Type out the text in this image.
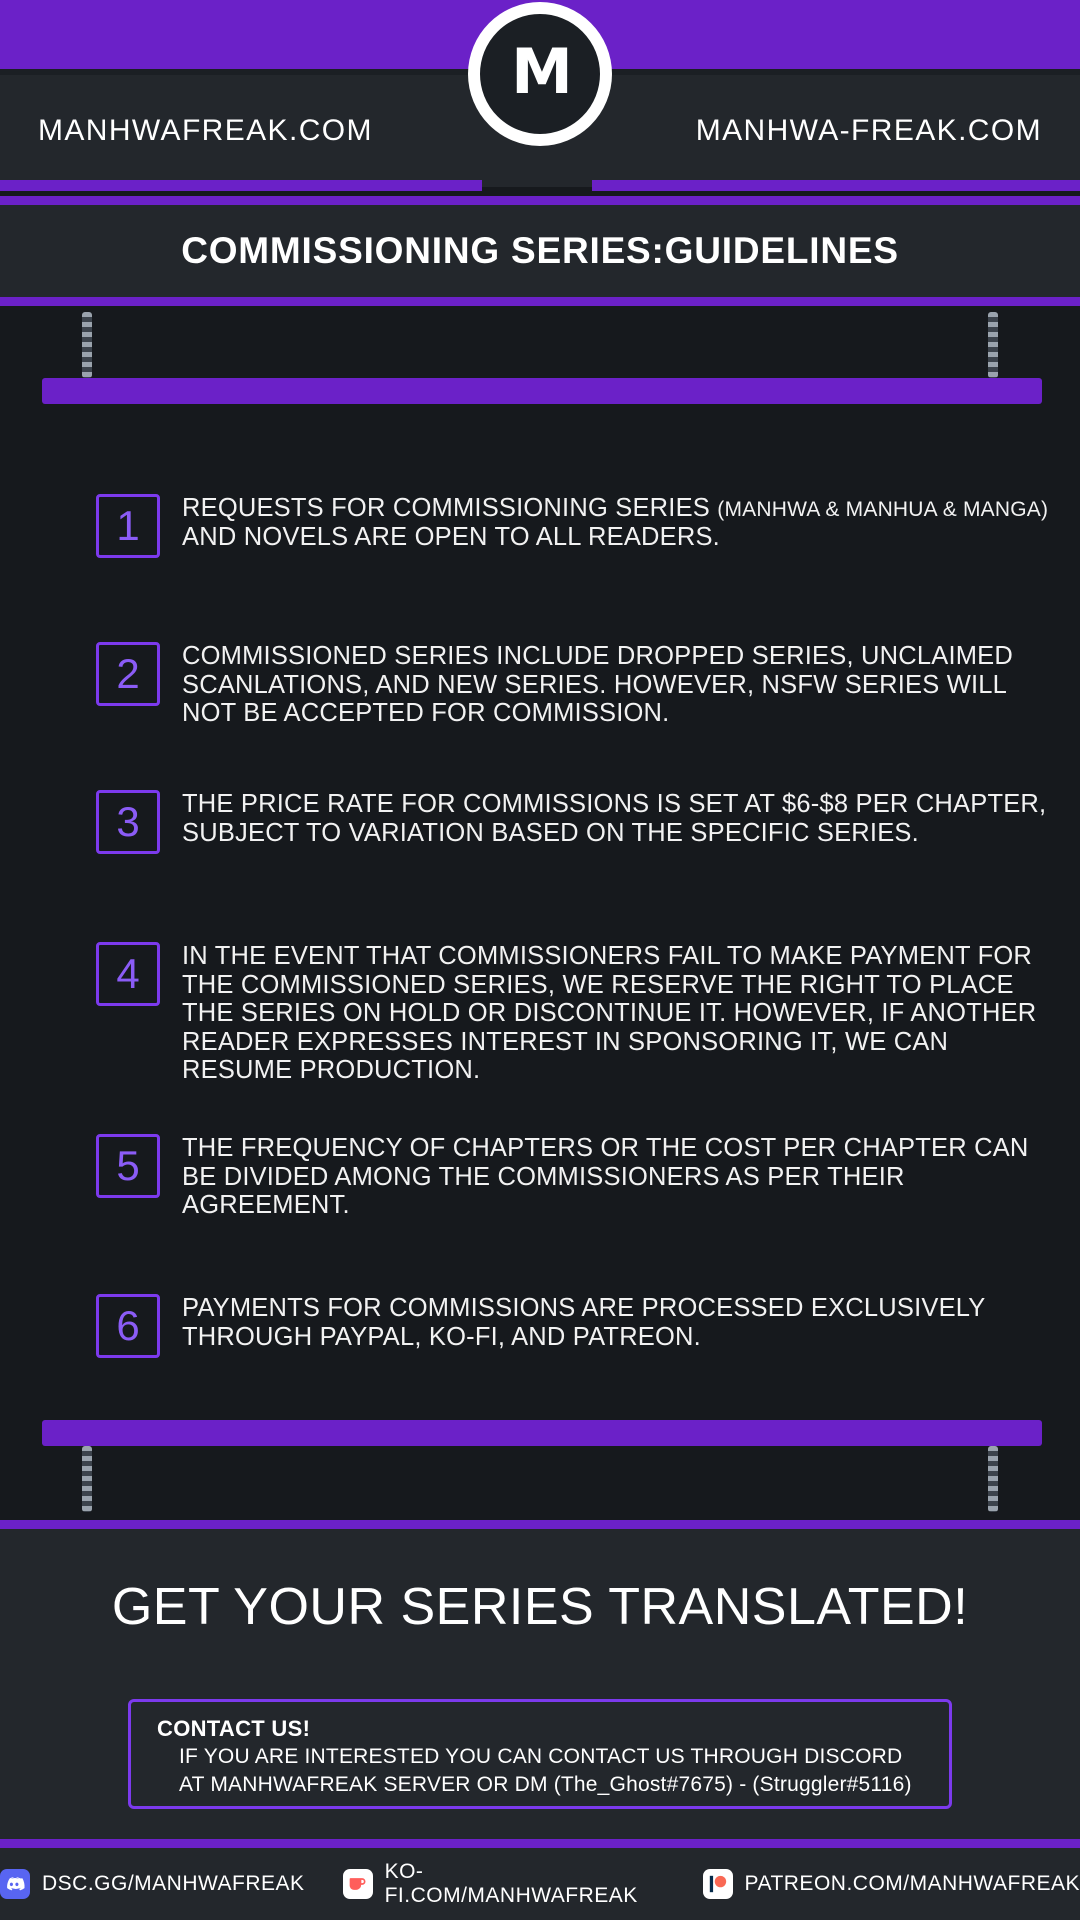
MANHWAFREAK.COM	MANHWA-FREAK.COM
M
COMMISSIONING SERIES:GUIDELINES
1	REQUESTS FOR COMMISSIONING SERIES (MANHWA & MANHUA & MANGA) AND NOVELS ARE OPEN TO ALL READERS.
2	COMMISSIONED SERIES INCLUDE DROPPED SERIES, UNCLAIMED SCANLATIONS, AND NEW SERIES. HOWEVER, NSFW SERIES WILL NOT BE ACCEPTED FOR COMMISSION.
3	THE PRICE RATE FOR COMMISSIONS IS SET AT $6-$8 PER CHAPTER, SUBJECT TO VARIATION BASED ON THE SPECIFIC SERIES.
4	IN THE EVENT THAT COMMISSIONERS FAIL TO MAKE PAYMENT FOR THE COMMISSIONED SERIES, WE RESERVE THE RIGHT TO PLACE THE SERIES ON HOLD OR DISCONTINUE IT. HOWEVER, IF ANOTHER READER EXPRESSES INTEREST IN SPONSORING IT, WE CAN RESUME PRODUCTION.
5	THE FREQUENCY OF CHAPTERS OR THE COST PER CHAPTER CAN BE DIVIDED AMONG THE COMMISSIONERS AS PER THEIR AGREEMENT.
6	PAYMENTS FOR COMMISSIONS ARE PROCESSED EXCLUSIVELY THROUGH PAYPAL, KO-FI, AND PATREON.
GET YOUR SERIES TRANSLATED!
CONTACT US!
IF YOU ARE INTERESTED YOU CAN CONTACT US THROUGH DISCORD
AT MANHWAFREAK SERVER OR DM (The_Ghost#7675) - (Struggler#5116)
DSC.GG/MANHWAFREAK
KO-FI.COM/MANHWAFREAK
PATREON.COM/MANHWAFREAK
